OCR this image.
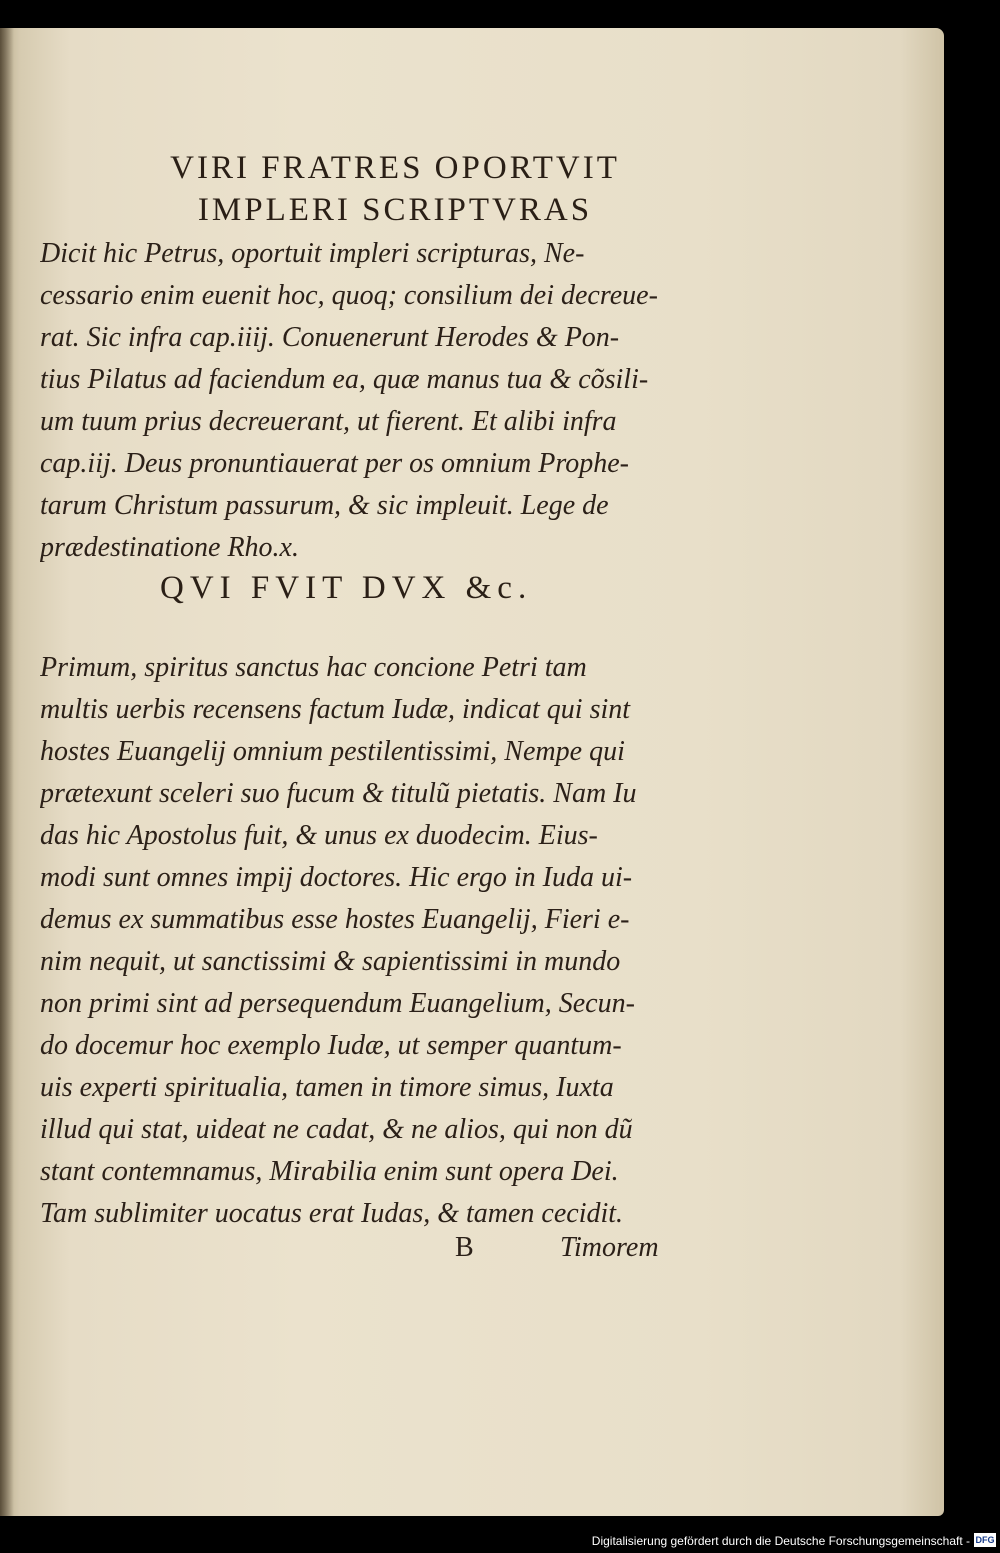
VIRI FRATRES OPORTVIT
IMPLERI SCRIPTVRAS
Dicit hic Petrus, oportuit impleri scripturas, Ne-
cessario enim euenit hoc, quoq; consilium dei decreue-
rat. Sic infra cap.iiij. Conuenerunt Herodes & Pon-
tius Pilatus ad faciendum ea, quæ manus tua & cõsili-
um tuum prius decreuerant, ut fierent. Et alibi infra
cap.iij. Deus pronuntiauerat per os omnium Prophe-
tarum Christum passurum, & sic impleuit. Lege de
prædestinatione Rho.x.
QVI FVIT DVX &c.
Primum, spiritus sanctus hac concione Petri tam
multis uerbis recensens factum Iudæ, indicat qui sint
hostes Euangelij omnium pestilentissimi, Nempe qui
prætexunt sceleri suo fucum & titulũ pietatis. Nam Iu
das hic Apostolus fuit, & unus ex duodecim. Eius-
modi sunt omnes impij doctores. Hic ergo in Iuda ui-
demus ex summatibus esse hostes Euangelij, Fieri e-
nim nequit, ut sanctissimi & sapientissimi in mundo
non primi sint ad persequendum Euangelium, Secun-
do docemur hoc exemplo Iudæ, ut semper quantum-
uis experti spiritualia, tamen in timore simus, Iuxta
illud qui stat, uideat ne cadat, & ne alios, qui non dũ
stant contemnamus, Mirabilia enim sunt opera Dei.
Tam sublimiter uocatus erat Iudas, & tamen cecidit.
B	Timorem
Digitalisierung gefördert durch die Deutsche Forschungsgemeinschaft - DFG
